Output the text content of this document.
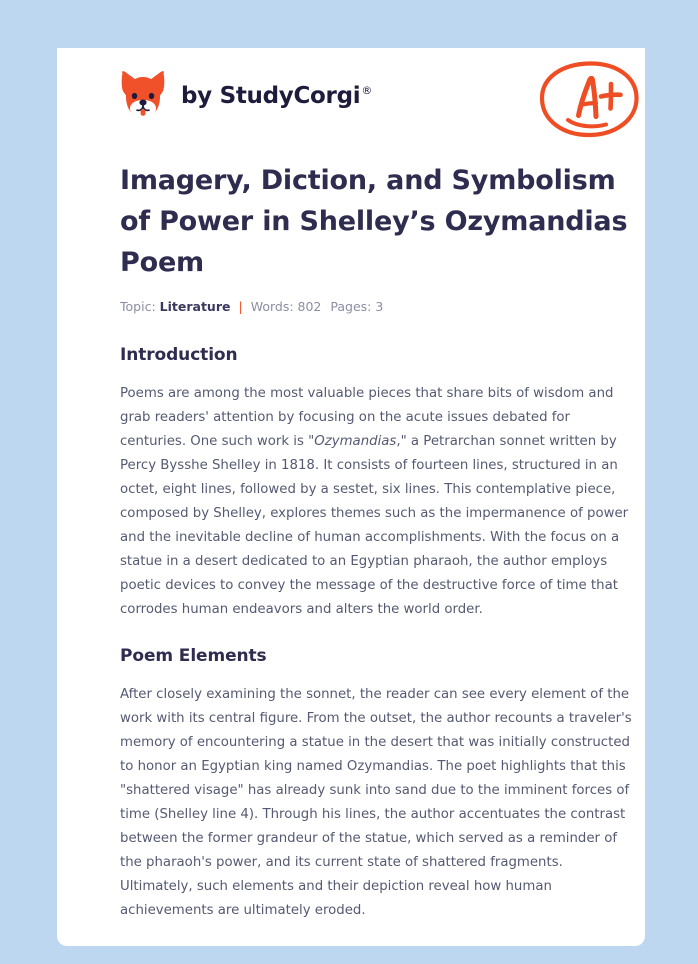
by StudyCorgi®
Imagery, Diction, and Symbolism of Power in Shelley’s Ozymandias Poem
Topic: Literature | Words: 802 Pages: 3
Introduction

Poems are among the most valuable pieces that share bits of wisdom and grab readers' attention by focusing on the acute issues debated for centuries. One such work is "Ozymandias," a Petrarchan sonnet written by Percy Bysshe Shelley in 1818. It consists of fourteen lines, structured in an octet, eight lines, followed by a sestet, six lines. This contemplative piece, composed by Shelley, explores themes such as the impermanence of power and the inevitable decline of human accomplishments. With the focus on a statue in a desert dedicated to an Egyptian pharaoh, the author employs poetic devices to convey the message of the destructive force of time that corrodes human endeavors and alters the world order.

Poem Elements

After closely examining the sonnet, the reader can see every element of the work with its central figure. From the outset, the author recounts a traveler's memory of encountering a statue in the desert that was initially constructed to honor an Egyptian king named Ozymandias. The poet highlights that this "shattered visage" has already sunk into sand due to the imminent forces of time (Shelley line 4). Through his lines, the author accentuates the contrast between the former grandeur of the statue, which served as a reminder of the pharaoh's power, and its current state of shattered fragments. Ultimately, such elements and their depiction reveal how human achievements are ultimately eroded.
